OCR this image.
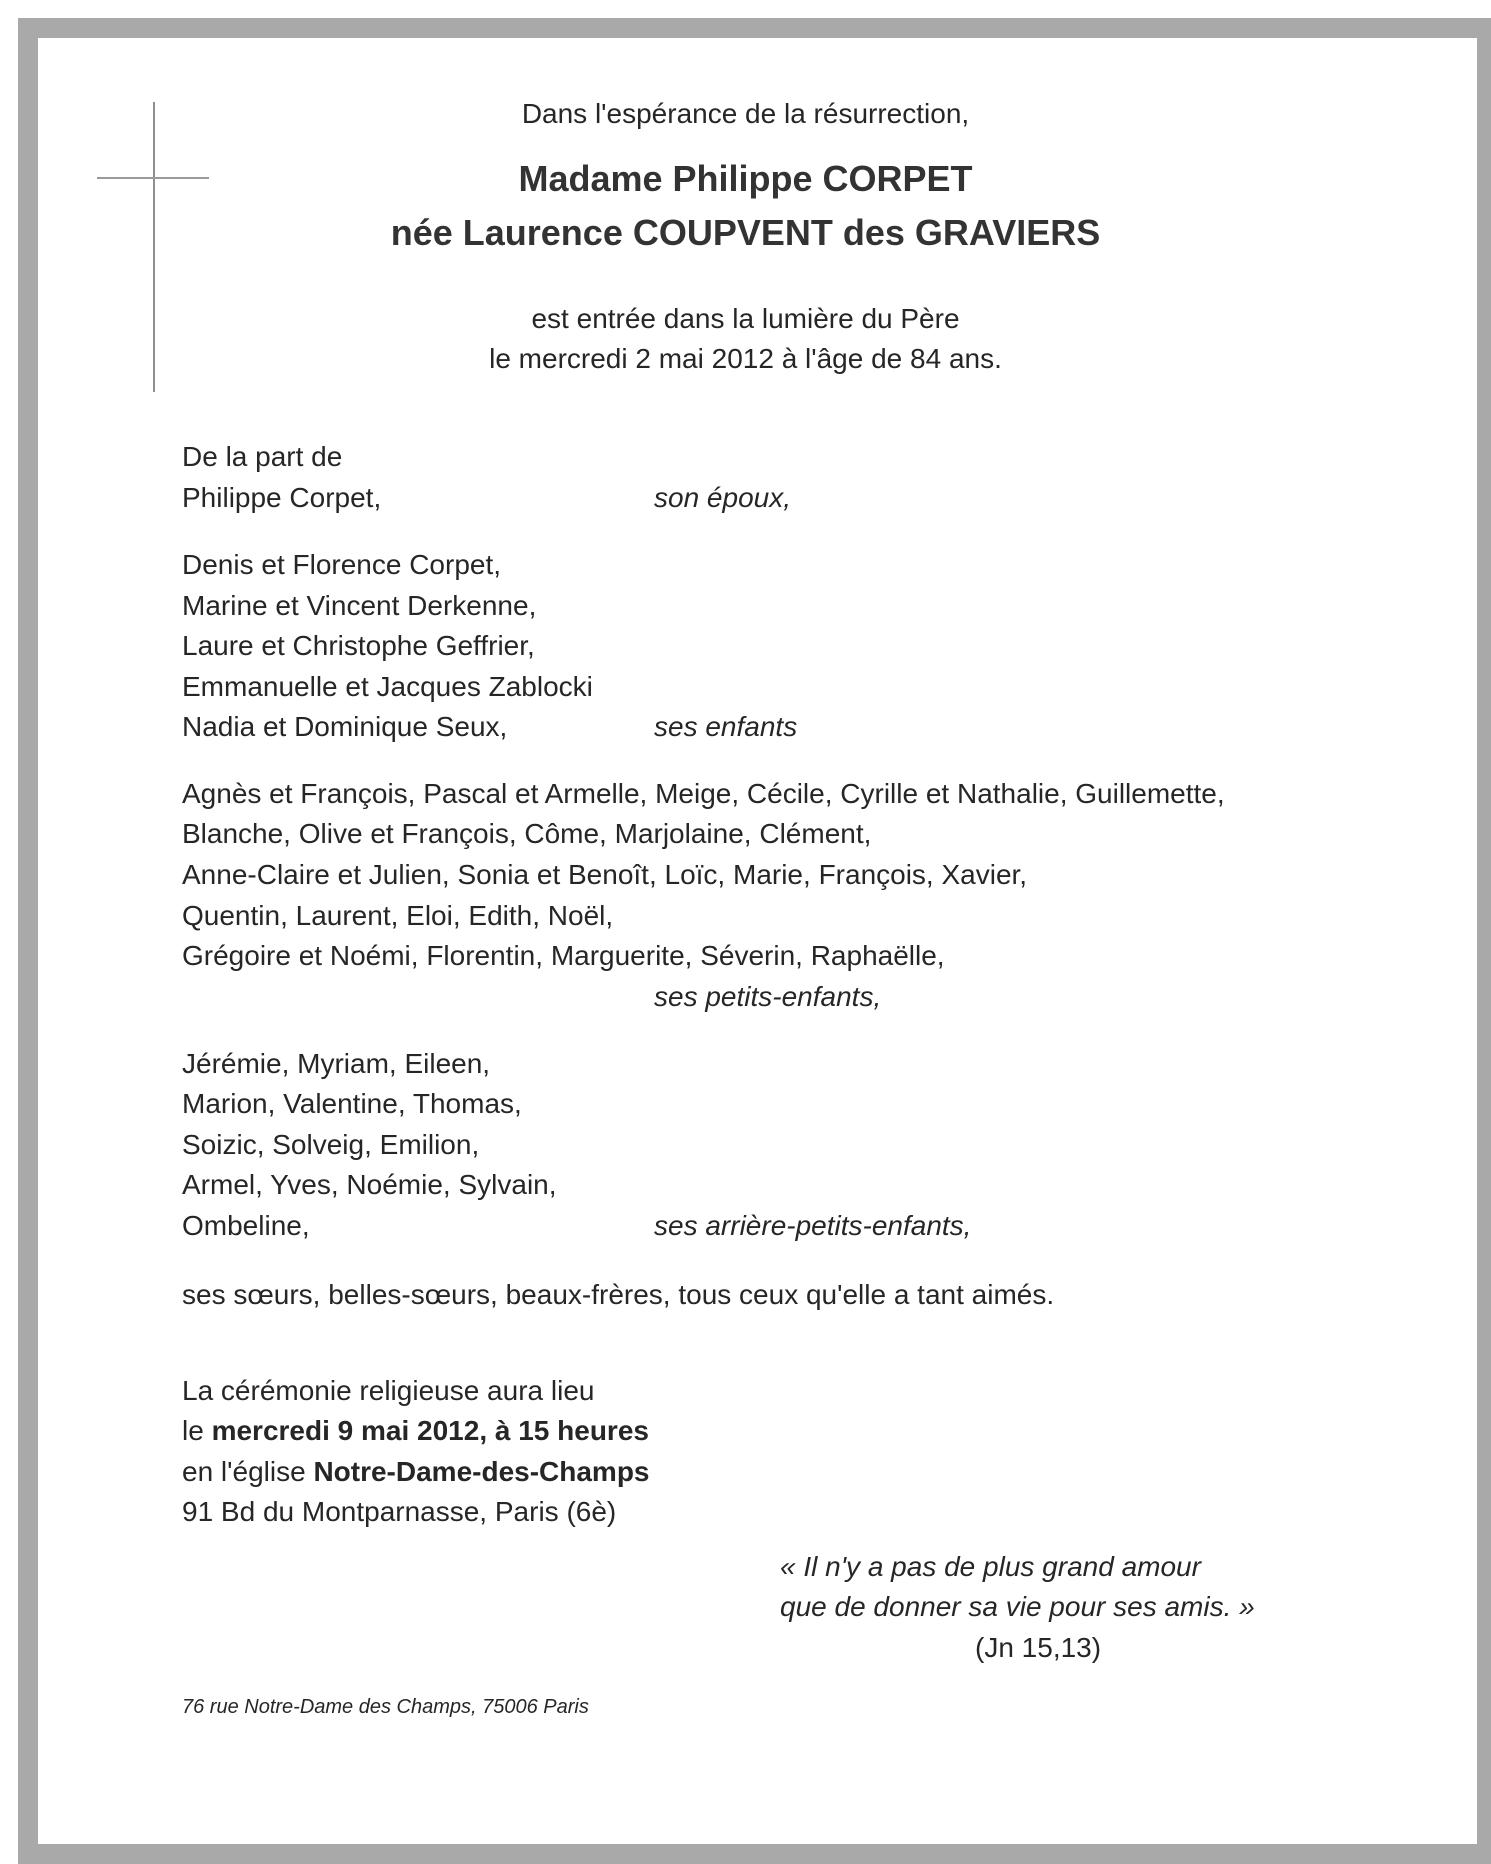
Dans l'espérance de la résurrection,
Madame Philippe CORPET
née Laurence COUPVENT des GRAVIERS
est entrée dans la lumière du Père
le mercredi 2 mai 2012 à l'âge de 84 ans.
De la part de
Philippe Corpet,	son époux,
Denis et Florence Corpet,
Marine et Vincent Derkenne,
Laure et Christophe Geffrier,
Emmanuelle et Jacques Zablocki
Nadia et Dominique Seux,	ses enfants
Agnès et François, Pascal et Armelle, Meige, Cécile, Cyrille et Nathalie, Guillemette,
Blanche, Olive et François, Côme, Marjolaine, Clément,
Anne-Claire et Julien, Sonia et Benoît, Loïc, Marie, François, Xavier,
Quentin, Laurent, Eloi, Edith, Noël,
Grégoire et Noémi, Florentin, Marguerite, Séverin, Raphaëlle,
ses petits-enfants,
Jérémie, Myriam, Eileen,
Marion, Valentine, Thomas,
Soizic, Solveig, Emilion,
Armel, Yves, Noémie, Sylvain,
Ombeline,	ses arrière-petits-enfants,
ses sœurs, belles-sœurs, beaux-frères, tous ceux qu'elle a tant aimés.
La cérémonie religieuse aura lieu
le mercredi 9 mai 2012, à 15 heures
en l'église Notre-Dame-des-Champs
91 Bd du Montparnasse, Paris (6è)
« Il n'y a pas de plus grand amour
que de donner sa vie pour ses amis. »
(Jn 15,13)
76 rue Notre-Dame des Champs, 75006 Paris
